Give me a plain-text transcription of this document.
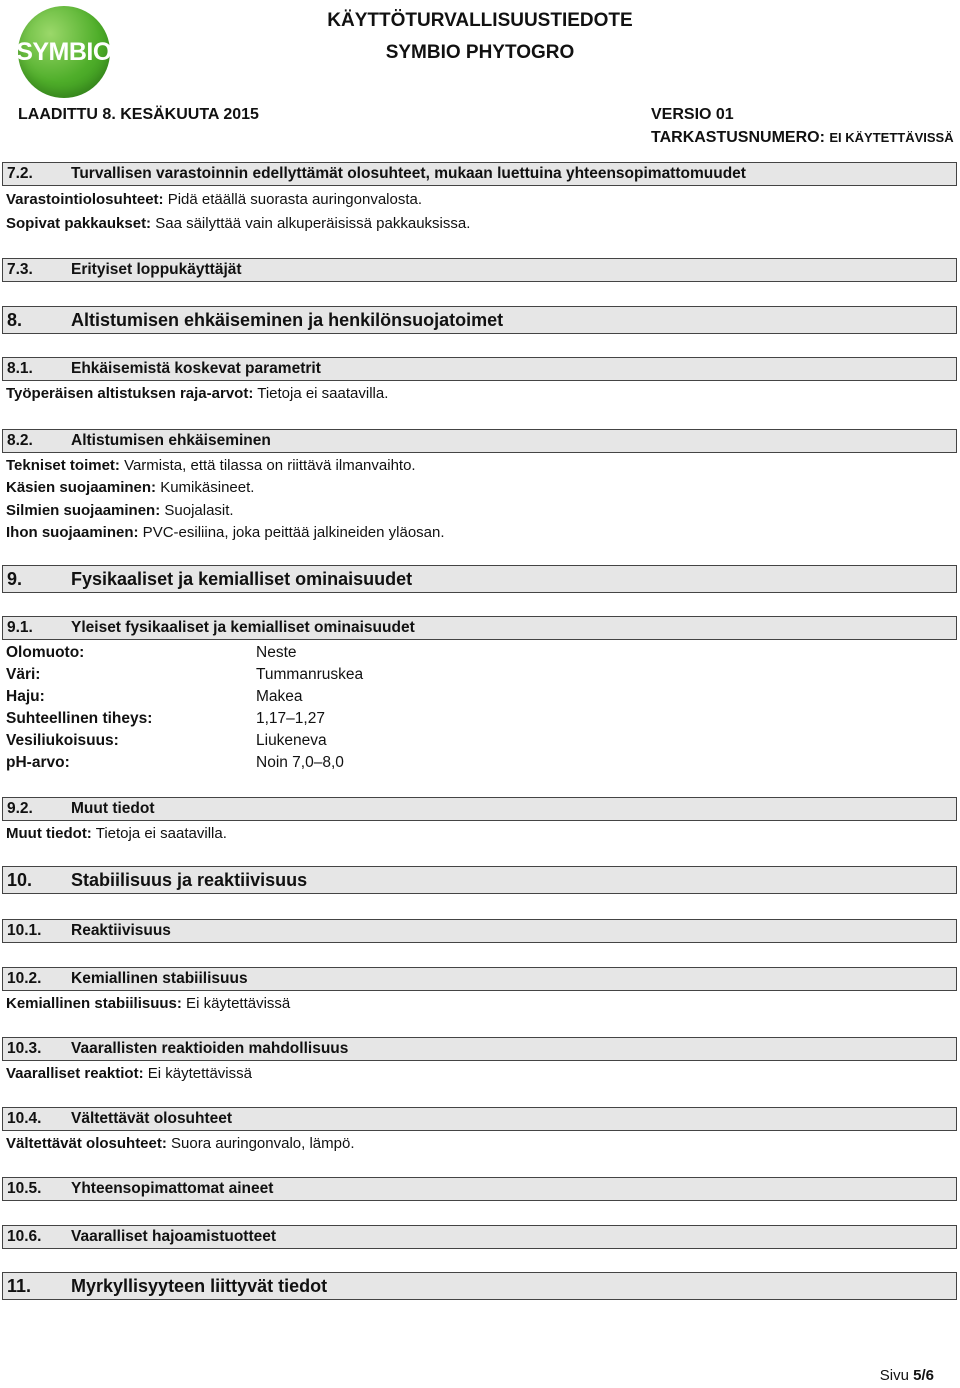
SYMBIO
KÄYTTÖTURVALLISUUSTIEDOTE
SYMBIO PHYTOGRO
LAADITTU 8. KESÄKUUTA 2015	VERSIO 01
TARKASTUSNUMERO: EI KÄYTETTÄVISSÄ
7.2.	Turvallisen varastoinnin edellyttämät olosuhteet, mukaan luettuina yhteensopimattomuudet
Varastointiolosuhteet: Pidä etäällä suorasta auringonvalosta.
Sopivat pakkaukset: Saa säilyttää vain alkuperäisissä pakkauksissa.
7.3.	Erityiset loppukäyttäjät
8.	Altistumisen ehkäiseminen ja henkilönsuojatoimet
8.1.	Ehkäisemistä koskevat parametrit
Työperäisen altistuksen raja-arvot: Tietoja ei saatavilla.
8.2.	Altistumisen ehkäiseminen
Tekniset toimet: Varmista, että tilassa on riittävä ilmanvaihto.
Käsien suojaaminen: Kumikäsineet.
Silmien suojaaminen: Suojalasit.
Ihon suojaaminen: PVC-esiliina, joka peittää jalkineiden yläosan.
9.	Fysikaaliset ja kemialliset ominaisuudet
9.1.	Yleiset fysikaaliset ja kemialliset ominaisuudet
Olomuoto:	Neste
Väri:	Tummanruskea
Haju:	Makea
Suhteellinen tiheys:	1,17–1,27
Vesiliukoisuus:	Liukeneva
pH-arvo:	Noin 7,0–8,0
9.2.	Muut tiedot
Muut tiedot: Tietoja ei saatavilla.
10.	Stabiilisuus ja reaktiivisuus
10.1.	Reaktiivisuus
10.2.	Kemiallinen stabiilisuus
Kemiallinen stabiilisuus: Ei käytettävissä
10.3.	Vaarallisten reaktioiden mahdollisuus
Vaaralliset reaktiot: Ei käytettävissä
10.4.	Vältettävät olosuhteet
Vältettävät olosuhteet: Suora auringonvalo, lämpö.
10.5.	Yhteensopimattomat aineet
10.6.	Vaaralliset hajoamistuotteet
11.	Myrkyllisyyteen liittyvät tiedot
Sivu 5/6
